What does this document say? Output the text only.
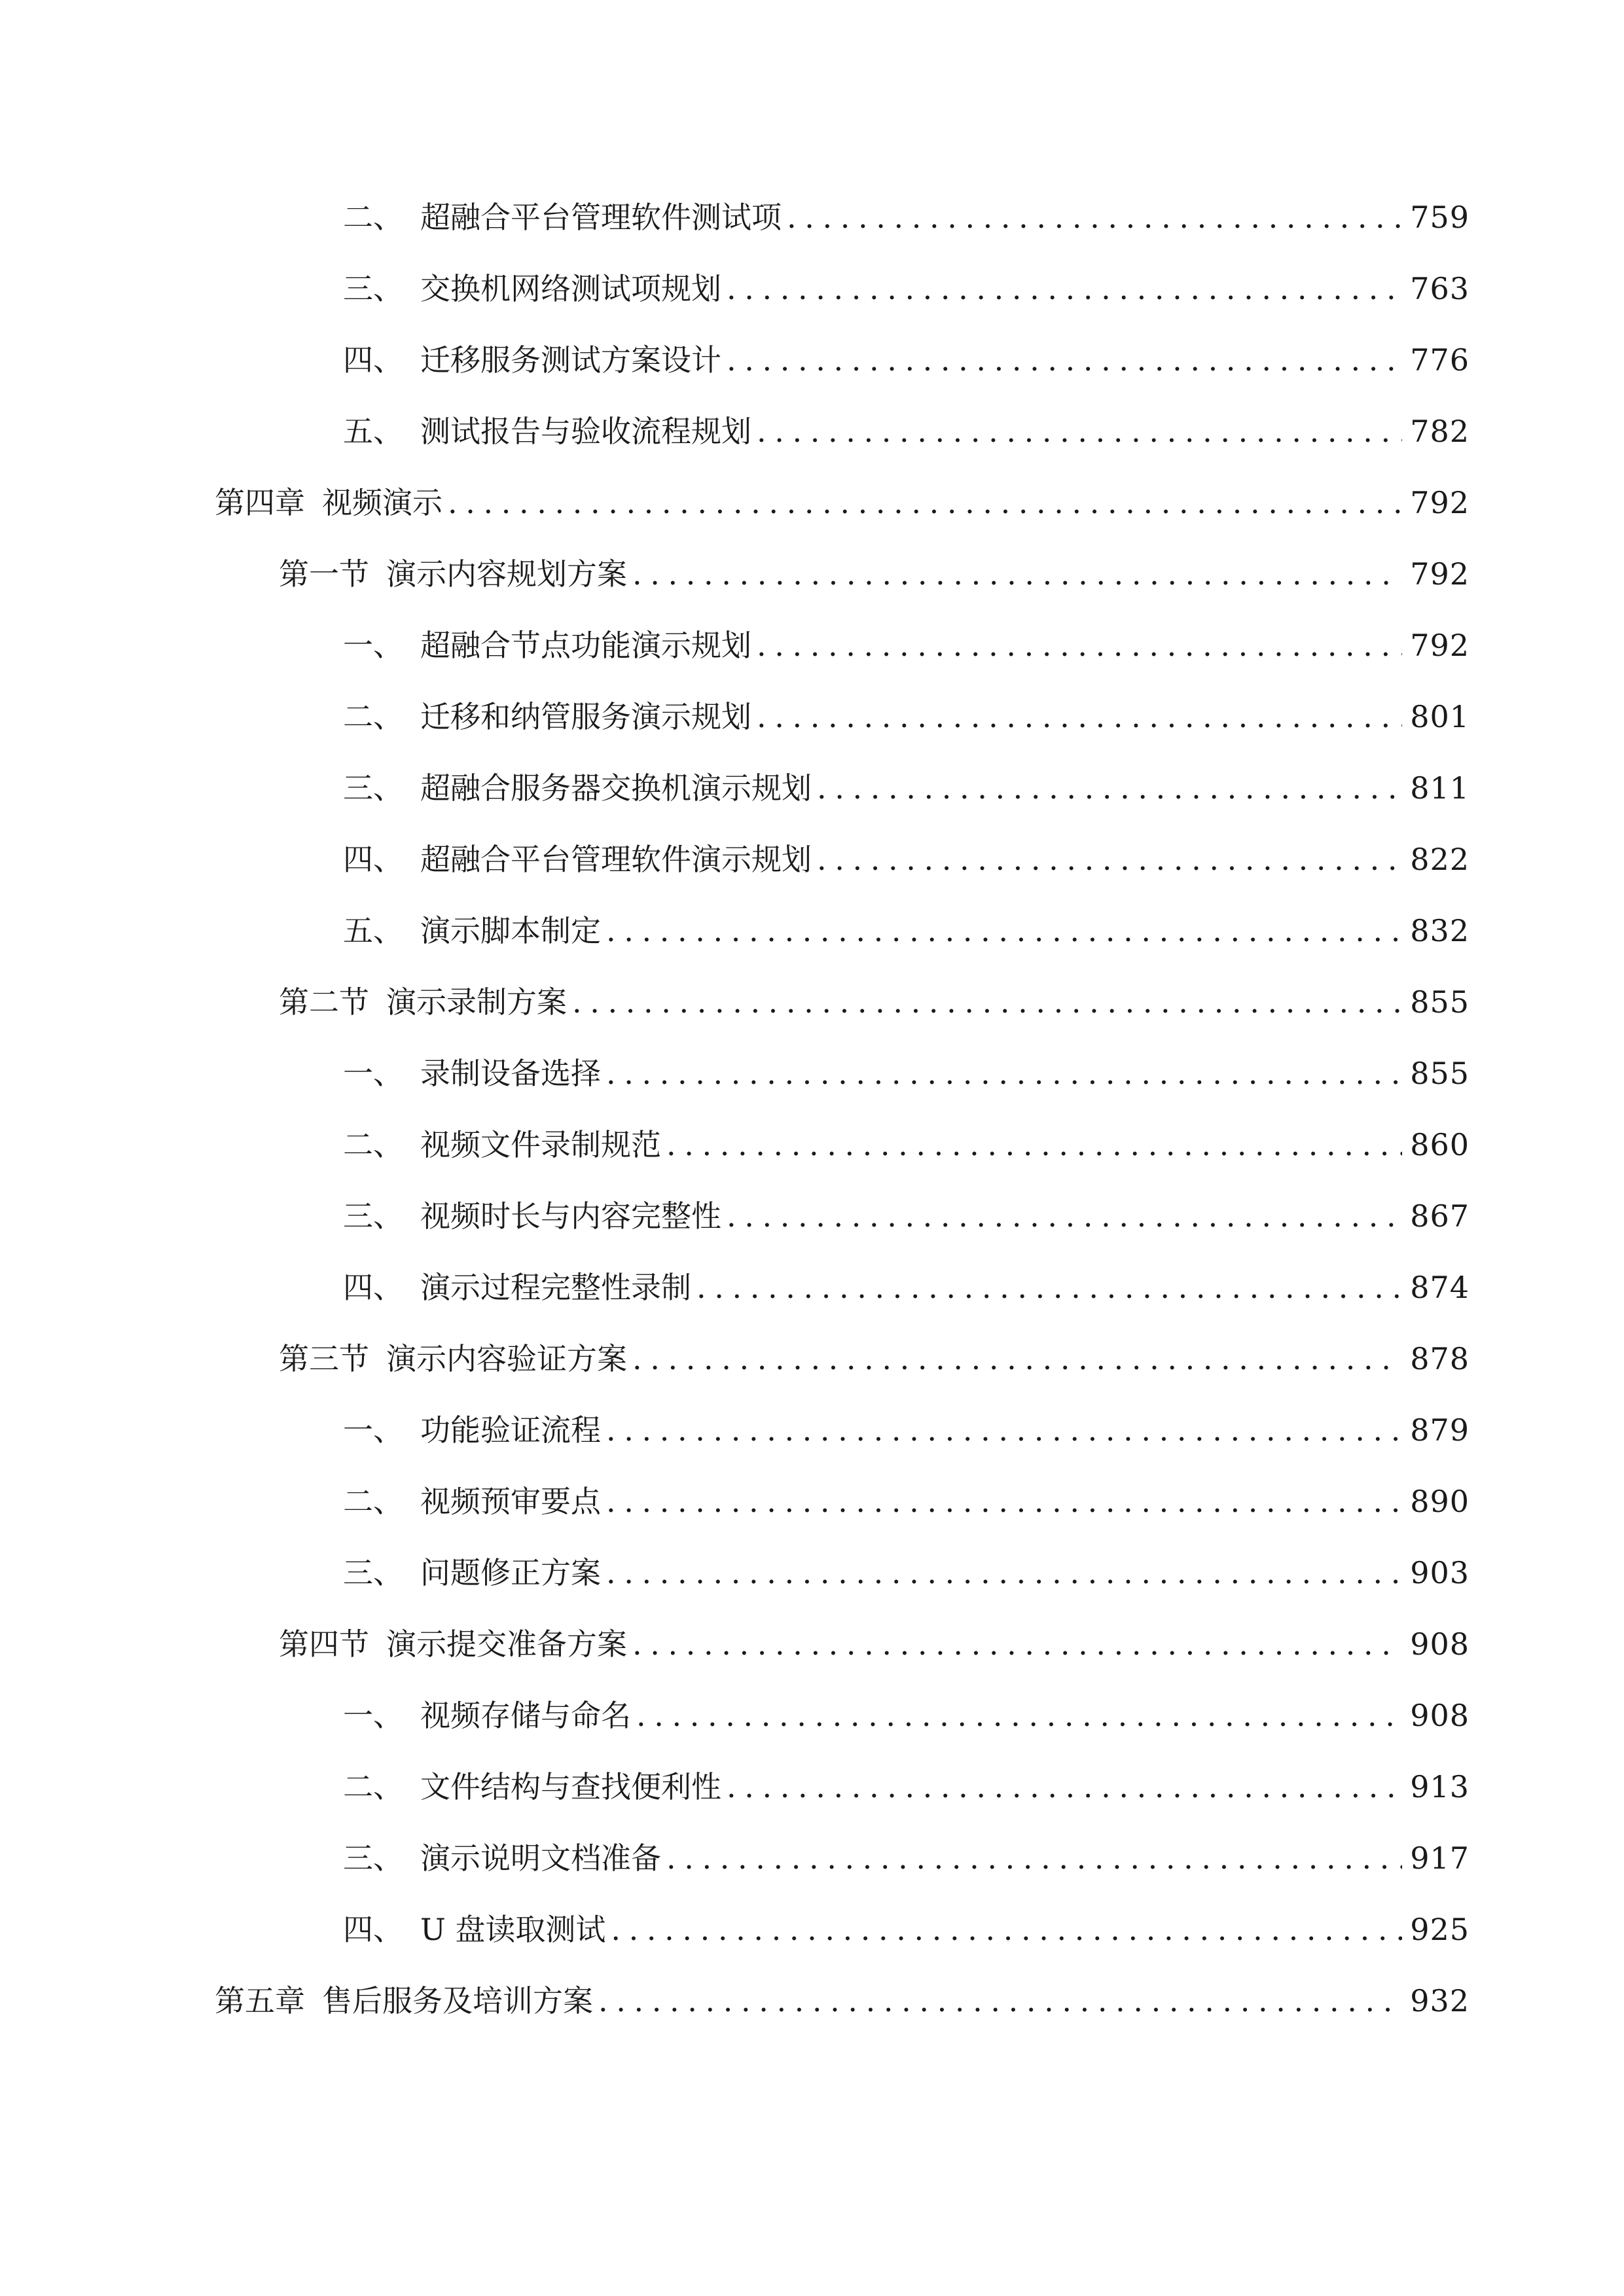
二、 超融合平台管理软件测试项 . . .	759
三、 交换机网络测试项规划 . . .	763
四、 迁移服务测试方案设计 . . .	776
五、 测试报告与验收流程规划 . . .	782
第四章 视频演示 . . .	792
第一节 演示内容规划方案 . . .	792
一、 超融合节点功能演示规划 . . .	792
二、 迁移和纳管服务演示规划 . . .	801
三、 超融合服务器交换机演示规划 . . .	811
四、 超融合平台管理软件演示规划 . . .	822
五、 演示脚本制定 . . .	832
第二节 演示录制方案 . . .	855
一、 录制设备选择 . . .	855
二、 视频文件录制规范 . . .	860
三、 视频时长与内容完整性 . . .	867
四、 演示过程完整性录制 . . .	874
第三节 演示内容验证方案 . . .	878
一、 功能验证流程 . . .	879
二、 视频预审要点 . . .	890
三、 问题修正方案 . . .	903
第四节 演示提交准备方案 . . .	908
一、 视频存储与命名 . . .	908
二、 文件结构与查找便利性 . . .	913
三、 演示说明文档准备 . . .	917
四、 U 盘读取测试 . . .	925
第五章 售后服务及培训方案 . . .	932
